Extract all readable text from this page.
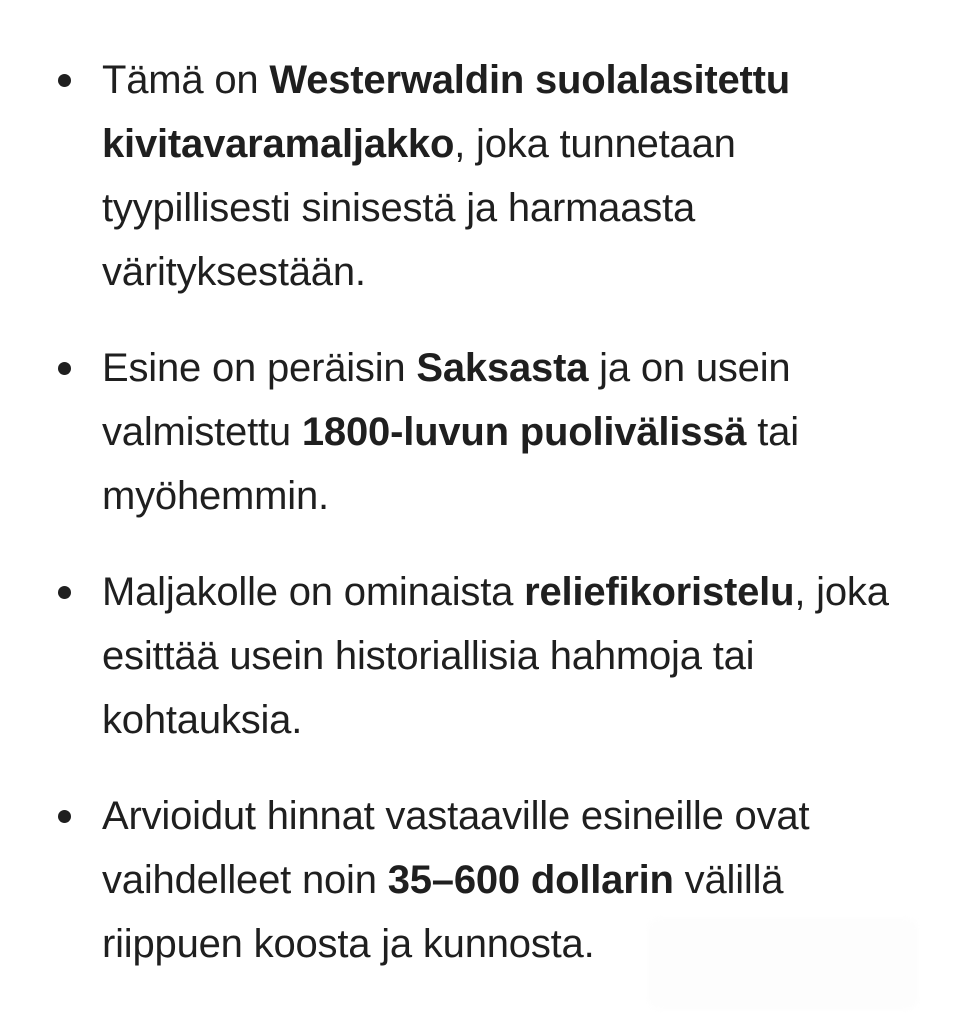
Tämä on Westerwaldin suolalasitettu kivitavaramaljakko, joka tunnetaan tyypillisesti sinisestä ja harmaasta värityksestään.
Esine on peräisin Saksasta ja on usein valmistettu 1800-luvun puolivälissä tai myöhemmin.
Maljakolle on ominaista reliefikoristelu, joka esittää usein historiallisia hahmoja tai kohtauksia.
Arvioidut hinnat vastaaville esineille ovat vaihdelleet noin 35–600 dollarin välillä riippuen koosta ja kunnosta.
